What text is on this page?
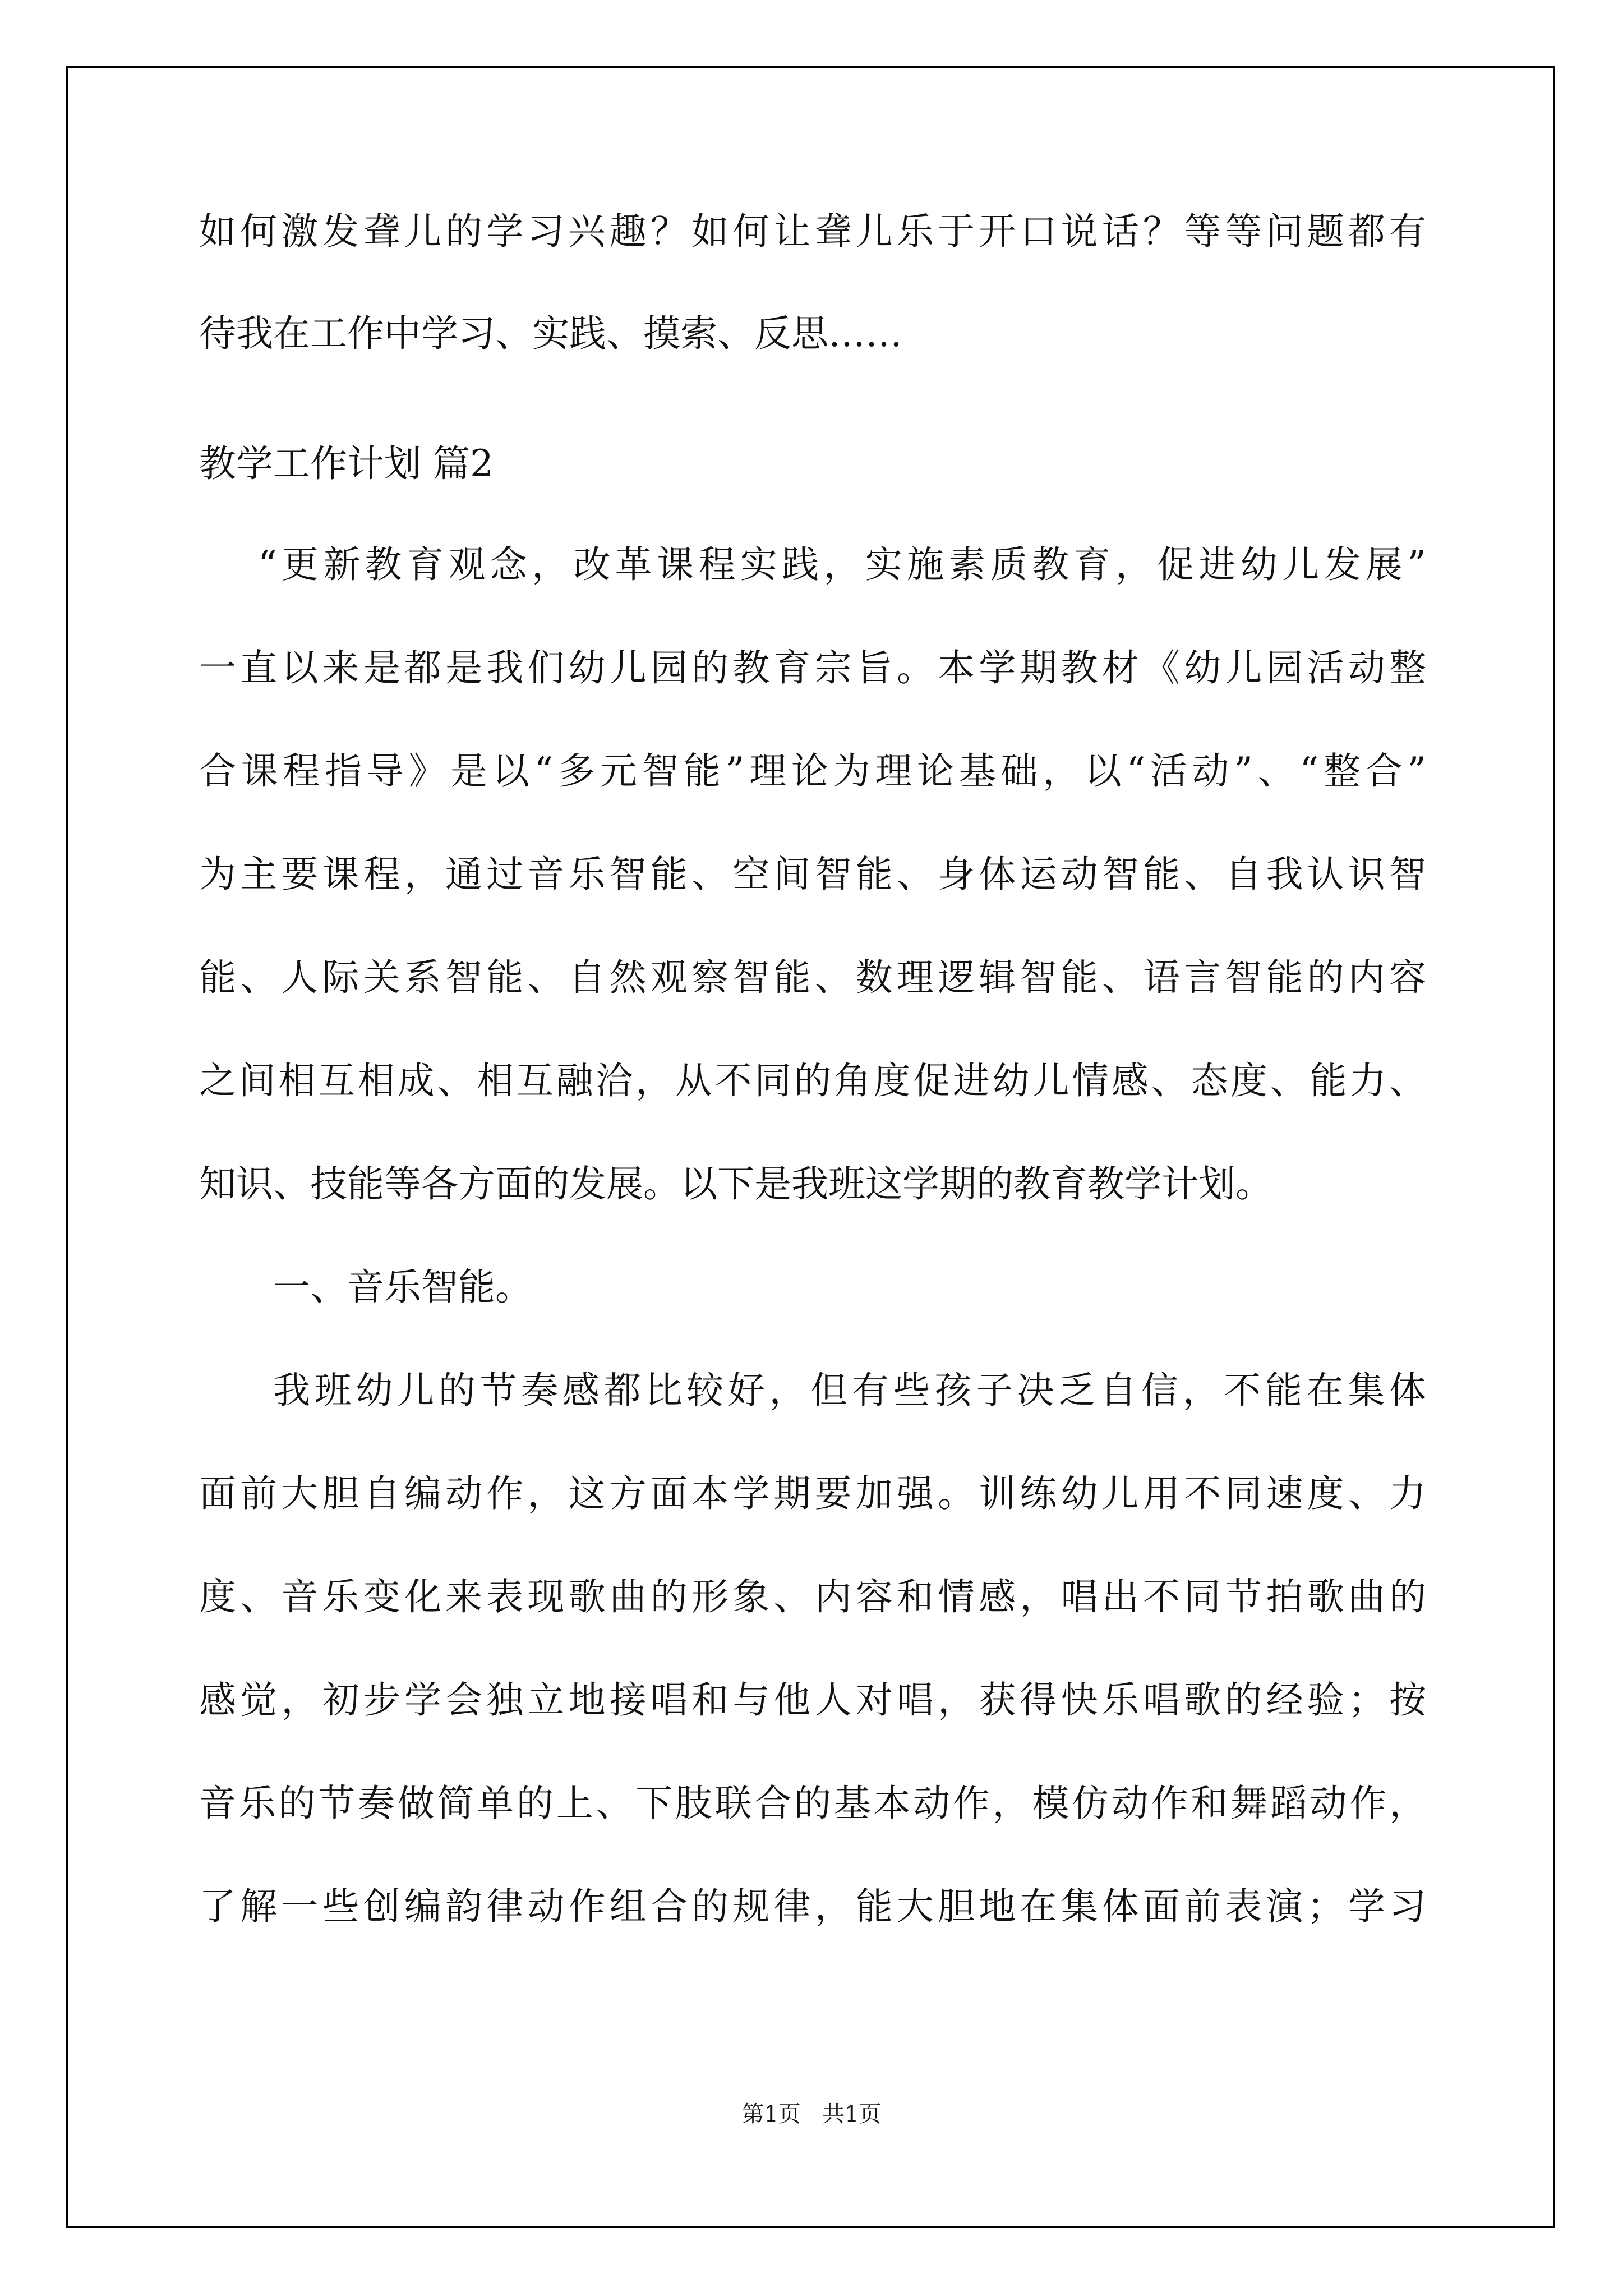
如何激发聋儿的学习兴趣？如何让聋儿乐于开口说话？等等问题都有
待我在工作中学习、实践、摸索、反思……
教学工作计划 篇2
“更新教育观念，改革课程实践，实施素质教育，促进幼儿发展”
一直以来是都是我们幼儿园的教育宗旨。本学期教材《幼儿园活动整
合课程指导》是以“多元智能”理论为理论基础，以“活动”、“整合”
为主要课程，通过音乐智能、空间智能、身体运动智能、自我认识智
能、人际关系智能、自然观察智能、数理逻辑智能、语言智能的内容
之间相互相成、相互融洽，从不同的角度促进幼儿情感、态度、能力、
知识、技能等各方面的发展。以下是我班这学期的教育教学计划。
一、音乐智能。
我班幼儿的节奏感都比较好，但有些孩子决乏自信，不能在集体
面前大胆自编动作，这方面本学期要加强。训练幼儿用不同速度、力
度、音乐变化来表现歌曲的形象、内容和情感，唱出不同节拍歌曲的
感觉，初步学会独立地接唱和与他人对唱，获得快乐唱歌的经验；按
音乐的节奏做简单的上、下肢联合的基本动作，模仿动作和舞蹈动作，
了解一些创编韵律动作组合的规律，能大胆地在集体面前表演；学习
第1页   共1页
